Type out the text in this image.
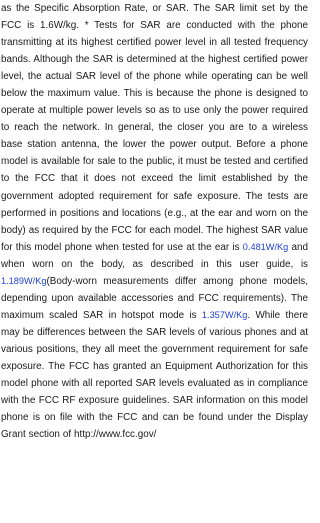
as the Specific Absorption Rate, or SAR. The SAR limit set by the FCC is 1.6W/kg. * Tests for SAR are conducted with the phone transmitting at its highest certified power level in all tested frequency bands. Although the SAR is determined at the highest certified power level, the actual SAR level of the phone while operating can be well below the maximum value. This is because the phone is designed to operate at multiple power levels so as to use only the power required to reach the network. In general, the closer you are to a wireless base station antenna, the lower the power output. Before a phone model is available for sale to the public, it must be tested and certified to the FCC that it does not exceed the limit established by the government adopted requirement for safe exposure. The tests are performed in positions and locations (e.g., at the ear and worn on the body) as required by the FCC for each model. The highest SAR value for this model phone when tested for use at the ear is 0.481W/Kg and when worn on the body, as described in this user guide, is 1.189W/Kg(Body-worn measurements differ among phone models, depending upon available accessories and FCC requirements). The maximum scaled SAR in hotspot mode is 1.357W/Kg. While there may be differences between the SAR levels of various phones and at various positions, they all meet the government requirement for safe exposure. The FCC has granted an Equipment Authorization for this model phone with all reported SAR levels evaluated as in compliance with the FCC RF exposure guidelines. SAR information on this model phone is on file with the FCC and can be found under the Display Grant section of http://www.fcc.gov/
